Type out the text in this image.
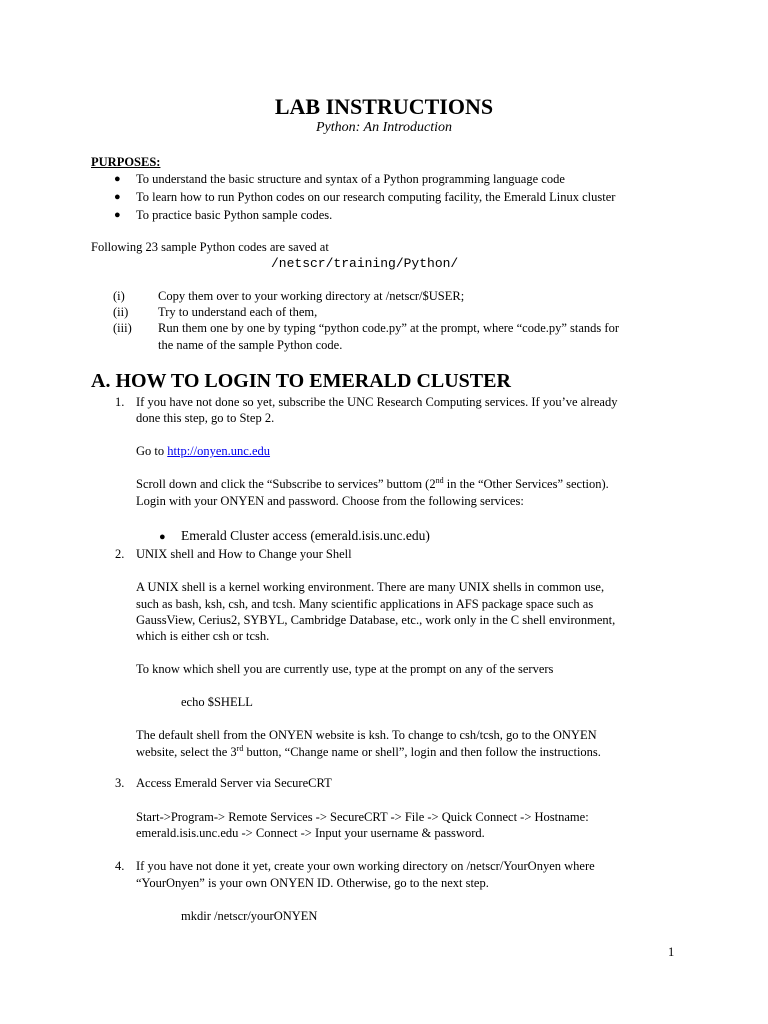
LAB INSTRUCTIONS
Python: An Introduction
PURPOSES:
● To understand the basic structure and syntax of a Python programming language code
● To learn how to run Python codes on our research computing facility, the Emerald Linux cluster
● To practice basic Python sample codes.
Following 23 sample Python codes are saved at
/netscr/training/Python/
(i)	Copy them over to your working directory at /netscr/$USER;
(ii) Try to understand each of them,
(iii) Run them one by one by typing “python code.py” at the prompt, where “code.py” stands for
the name of the sample Python code.
A. HOW TO LOGIN TO EMERALD CLUSTER
1. If you have not done so yet, subscribe the UNC Research Computing services. If you’ve already
done this step, go to Step 2.
Go to http://onyen.unc.edu
Scroll down and click the “Subscribe to services” buttom (2nd in the “Other Services” section).
Login with your ONYEN and password. Choose from the following services:
● Emerald Cluster access (emerald.isis.unc.edu)
2. UNIX shell and How to Change your Shell
A UNIX shell is a kernel working environment. There are many UNIX shells in common use,
such as bash, ksh, csh, and tcsh. Many scientific applications in AFS package space such as
GaussView, Cerius2, SYBYL, Cambridge Database, etc., work only in the C shell environment,
which is either csh or tcsh.
To know which shell you are currently use, type at the prompt on any of the servers
echo $SHELL
The default shell from the ONYEN website is ksh. To change to csh/tcsh, go to the ONYEN
website, select the 3rd button, “Change name or shell”, login and then follow the instructions.
3. Access Emerald Server via SecureCRT
Start->Program-> Remote Services -> SecureCRT -> File -> Quick Connect -> Hostname:
emerald.isis.unc.edu -> Connect -> Input your username & password.
4. If you have not done it yet, create your own working directory on /netscr/YourOnyen where
“YourOnyen” is your own ONYEN ID. Otherwise, go to the next step.
mkdir /netscr/yourONYEN
1
